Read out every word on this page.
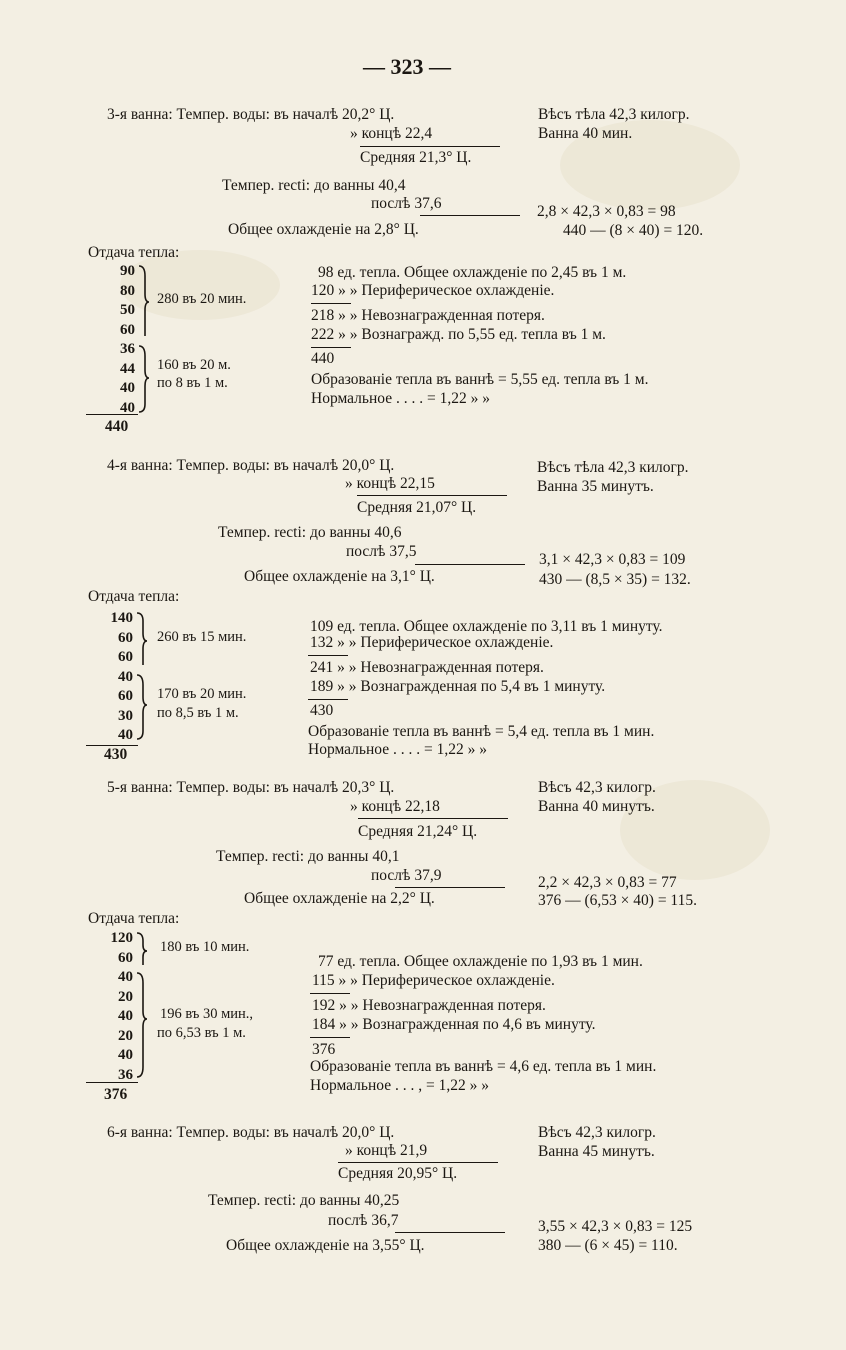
— 323 —
3-я ванна: Темпер. воды: въ началѣ 20,2° Ц.
» концѣ 22,4
Средняя 21,3° Ц.
Темпер. recti: до ванны 40,4
послѣ 37,6
Общее охлажденіе на 2,8° Ц.
Вѣсъ тѣла 42,3 килогр.
Ванна 40 мин.
2,8 × 42,3 × 0,83 = 98
440 — (8 × 40) = 120.
Отдача тепла:
90
80
50
60
36
44
40
40
440
280 въ 20 мин.
160 въ 20 м.
по 8 въ 1 м.
98 ед. тепла. Общее охлажденіе по 2,45 въ 1 м.
120 » » Периферическое охлажденіе.
218 » » Невознагражденная потеря.
222 » » Вознагражд. по 5,55 ед. тепла въ 1 м.
440
Образованіе тепла въ ваннѣ = 5,55 ед. тепла въ 1 м.
Нормальное . . . . = 1,22 » »
4-я ванна: Темпер. воды: въ началѣ 20,0° Ц.
» концѣ 22,15
Средняя 21,07° Ц.
Темпер. recti: до ванны 40,6
послѣ 37,5
Общее охлажденіе на 3,1° Ц.
Вѣсъ тѣла 42,3 килогр.
Ванна 35 минутъ.
3,1 × 42,3 × 0,83 = 109
430 — (8,5 × 35) = 132.
Отдача тепла:
140
60
60
40
60
30
40
430
260 въ 15 мин.
170 въ 20 мин.
по 8,5 въ 1 м.
109 ед. тепла. Общее охлажденіе по 3,11 въ 1 минуту.
132 » » Периферическое охлажденіе.
241 » » Невознагражденная потеря.
189 » » Вознагражденная по 5,4 въ 1 минуту.
430
Образованіе тепла въ ваннѣ = 5,4 ед. тепла въ 1 мин.
Нормальное . . . . = 1,22 » »
5-я ванна: Темпер. воды: въ началѣ 20,3° Ц.
» концѣ 22,18
Средняя 21,24° Ц.
Темпер. recti: до ванны 40,1
послѣ 37,9
Общее охлажденіе на 2,2° Ц.
Вѣсъ 42,3 килогр.
Ванна 40 минутъ.
2,2 × 42,3 × 0,83 = 77
376 — (6,53 × 40) = 115.
Отдача тепла:
120
60
40
20
40
20
40
36
376
180 въ 10 мин.
196 въ 30 мин.,
по 6,53 въ 1 м.
77 ед. тепла. Общее охлажденіе по 1,93 въ 1 мин.
115 » » Периферическое охлажденіе.
192 » » Невознагражденная потеря.
184 » » Вознагражденная по 4,6 въ минуту.
376
Образованіе тепла въ ваннѣ = 4,6 ед. тепла въ 1 мин.
Нормальное . . . , = 1,22 » »
6-я ванна: Темпер. воды: въ началѣ 20,0° Ц.
» концѣ 21,9
Средняя 20,95° Ц.
Темпер. recti: до ванны 40,25
послѣ 36,7
Общее охлажденіе на 3,55° Ц.
Вѣсъ 42,3 килогр.
Ванна 45 минутъ.
3,55 × 42,3 × 0,83 = 125
380 — (6 × 45) = 110.
